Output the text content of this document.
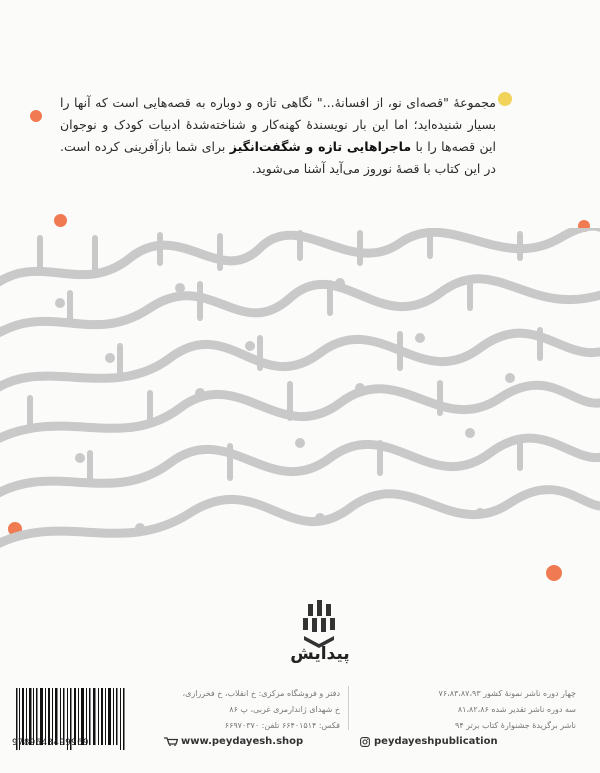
مجموعهٔ "قصه‌ای نو، از افسانهٔ..." نگاهی تازه و دوباره به قصه‌هایی است که آنها را بسیار شنیده‌اید؛ اما این بار نویسندهٔ کهنه‌کار و شناخته‌شدهٔ ادبیات کودک و نوجوان این قصه‌ها را با ماجراهایی تازه و شگفت‌انگیز برای شما بازآفرینی کرده است. در این کتاب با قصهٔ نوروز می‌آید آشنا می‌شوید.

پیدایش
دفتر و فروشگاه مرکزی: خ انقلاب، خ فخررازی،
خ شهدای ژاندارمری غربی، پ ۸۶
فکس: ۶۶۴۰۱۵۱۴ تلفن: ۶۶۹۷۰۳۷۰
چهار دوره ناشر نمونهٔ کشور ۷۶،۸۳،۸۷،۹۳
سه دوره ناشر تقدیر شده ۸۱،۸۲،۸۶
ناشر برگزیدهٔ جشنوارهٔ کتاب برتر ۹۴
9789643499969	www.peydayesh.shop	peydayeshpublication
